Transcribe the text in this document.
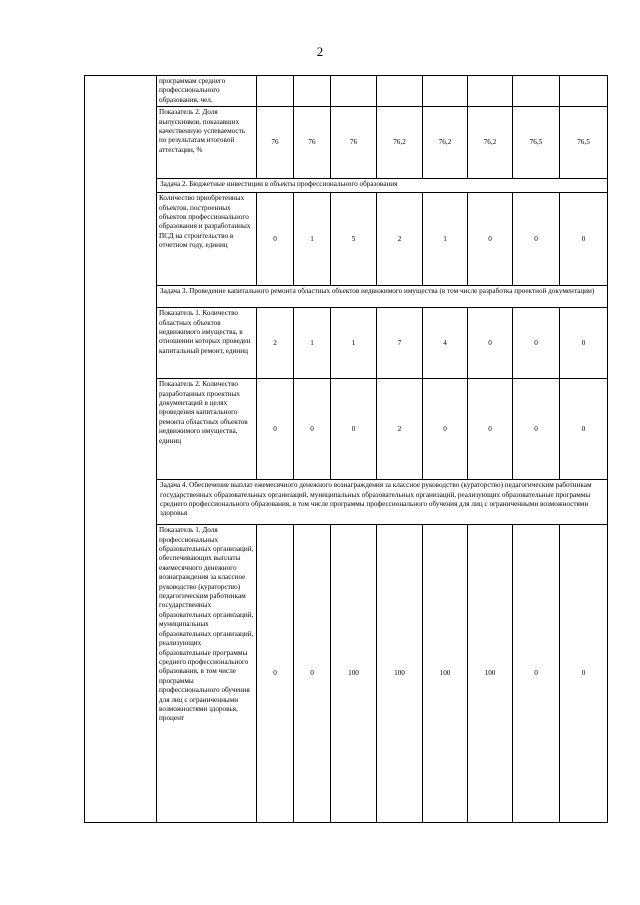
2
	программам среднего профессионального образования, чел.								
	Показатель 2. Доля выпускников, показавших качественную успеваемость по результатам итоговой аттестации, %	76	76	76	76,2	76,2	76,2	76,5	76,5
	Задача 2. Бюджетные инвестиции в объекты профессионального образования								
	Количество приобретенных объектов, построенных объектов профессионального образования и разработанных ПСД на строительство в отчетном году, единиц	0	1	5	2	1	0	0	0
	Задача 3. Проведение капитального ремонта областных объектов недвижимого имущества (в том числе разработка проектной документации)								
	Показатель 1. Количество областных объектов недвижимого имущества, в отношении которых проведен капитальный ремонт, единиц	2	1	1	7	4	0	0	0
	Показатель 2. Количество разработанных проектных документаций в целях проведения капитального ремонта областных объектов недвижимого имущества, единиц	0	0	0	2	0	0	0	0
	Задача 4. Обеспечение выплат ежемесячного денежного вознаграждения за классное руководство (кураторство) педагогическим работникам государственных образовательных организаций, муниципальных образовательных организаций, реализующих образовательные программы среднего профессионального образования, в том числе программы профессионального обучения для лиц с ограниченными возможностями здоровья								
	Показатель 1. Доля профессиональных образовательных организаций, обеспечивающих выплаты ежемесячного денежного вознаграждения за классное руководство (кураторство) педагогическим работникам государственных образовательных организаций, муниципальных образовательных организаций, реализующих образовательные программы среднего профессионального образования, в том числе программы профессионального обучения для лиц с ограниченными возможностями здоровья, процент	0	0	100	100	100	100	0	0
